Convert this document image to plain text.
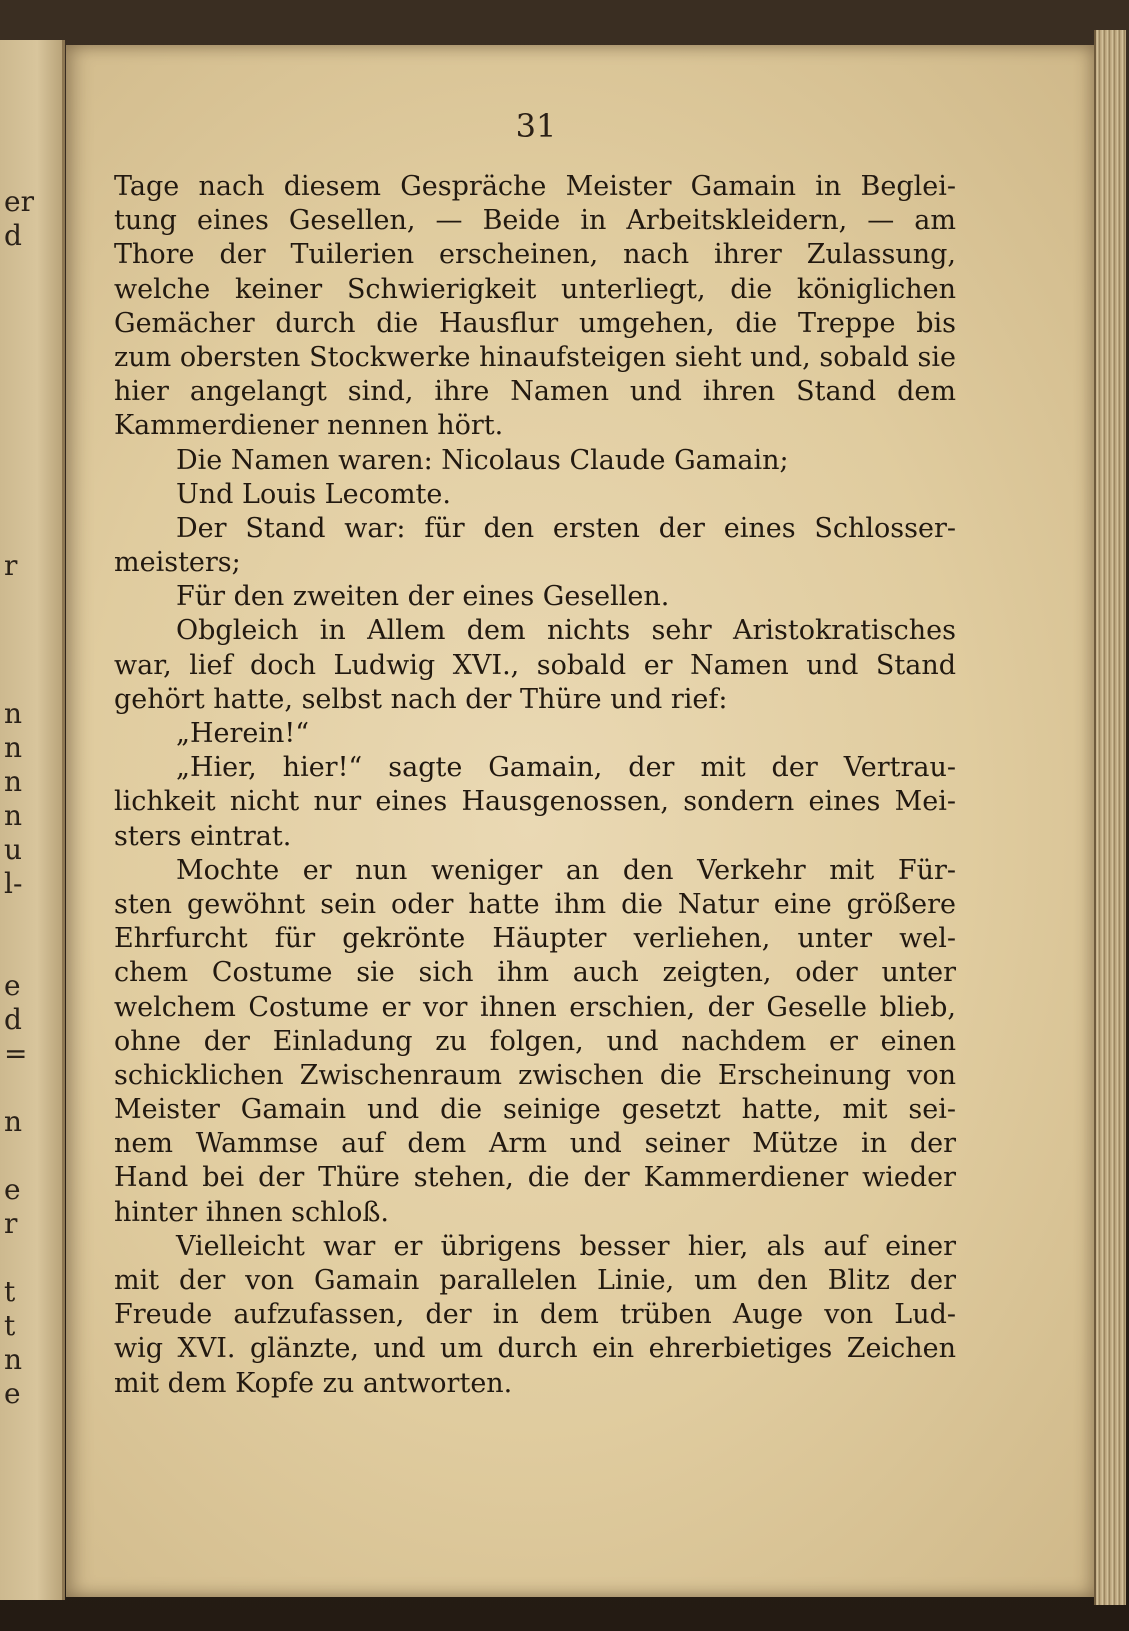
er
d
r
n
n
n
n
u
l-
e
d
=
n
e
r
t
t
n
e
31
Tage nach diesem Gespräche Meister Gamain in Beglei-
tung eines Gesellen, — Beide in Arbeitskleidern, — am
Thore der Tuilerien erscheinen, nach ihrer Zulassung,
welche keiner Schwierigkeit unterliegt, die königlichen
Gemächer durch die Hausflur umgehen, die Treppe bis
zum obersten Stockwerke hinaufsteigen sieht und, sobald sie
hier angelangt sind, ihre Namen und ihren Stand dem
Kammerdiener nennen hört.
Die Namen waren: Nicolaus Claude Gamain;
Und Louis Lecomte.
Der Stand war: für den ersten der eines Schlosser-
meisters;
Für den zweiten der eines Gesellen.
Obgleich in Allem dem nichts sehr Aristokratisches
war, lief doch Ludwig XVI., sobald er Namen und Stand
gehört hatte, selbst nach der Thüre und rief:
„Herein!“
„Hier, hier!“ sagte Gamain, der mit der Vertrau-
lichkeit nicht nur eines Hausgenossen, sondern eines Mei-
sters eintrat.
Mochte er nun weniger an den Verkehr mit Für-
sten gewöhnt sein oder hatte ihm die Natur eine größere
Ehrfurcht für gekrönte Häupter verliehen, unter wel-
chem Costume sie sich ihm auch zeigten, oder unter
welchem Costume er vor ihnen erschien, der Geselle blieb,
ohne der Einladung zu folgen, und nachdem er einen
schicklichen Zwischenraum zwischen die Erscheinung von
Meister Gamain und die seinige gesetzt hatte, mit sei-
nem Wammse auf dem Arm und seiner Mütze in der
Hand bei der Thüre stehen, die der Kammerdiener wieder
hinter ihnen schloß.
Vielleicht war er übrigens besser hier, als auf einer
mit der von Gamain parallelen Linie, um den Blitz der
Freude aufzufassen, der in dem trüben Auge von Lud-
wig XVI. glänzte, und um durch ein ehrerbietiges Zeichen
mit dem Kopfe zu antworten.
